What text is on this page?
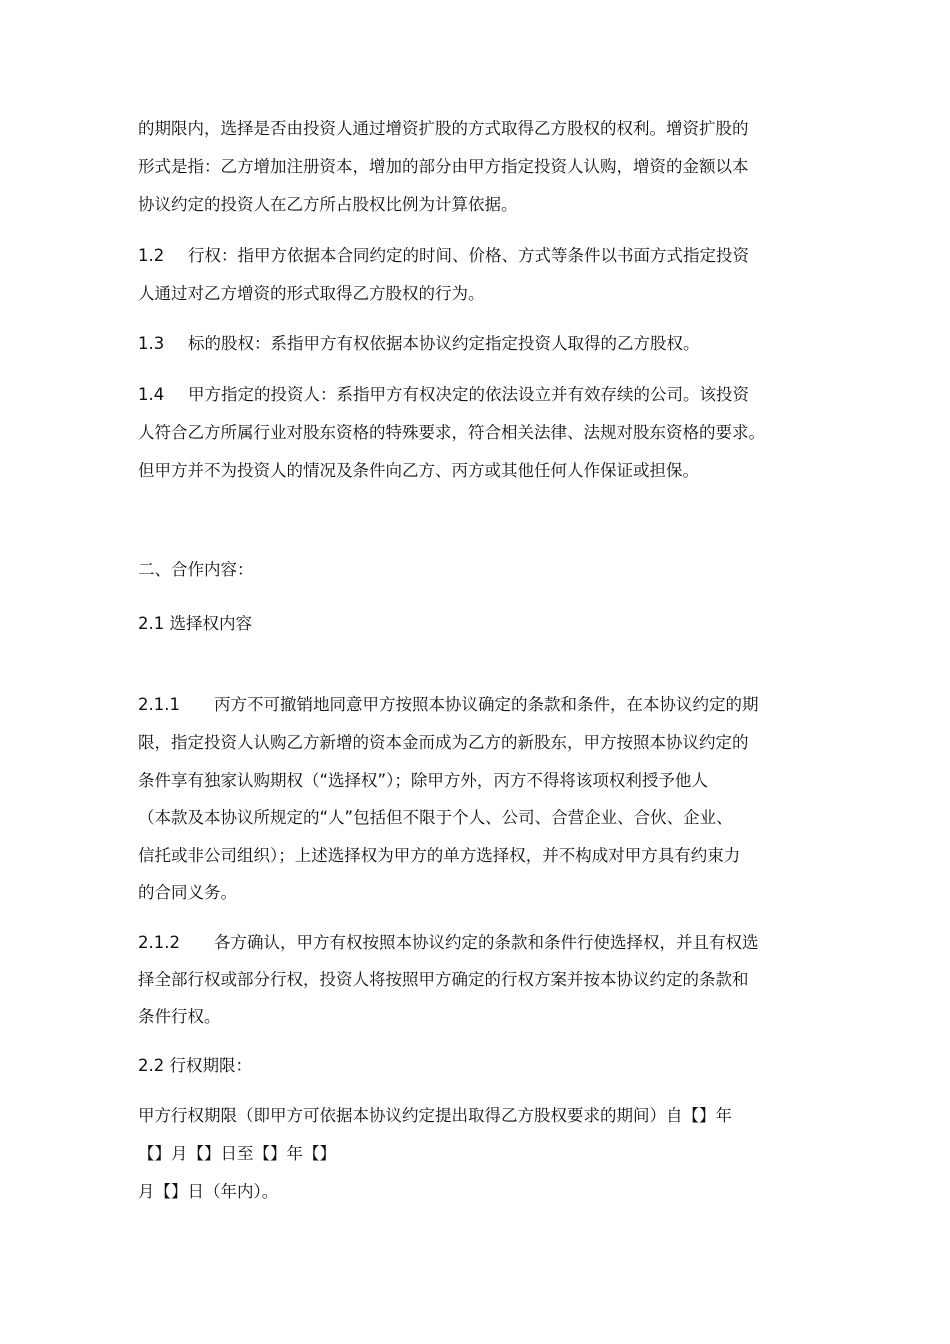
的期限内，选择是否由投资人通过增资扩股的方式取得乙方股权的权利。增资扩股的
形式是指：乙方增加注册资本，增加的部分由甲方指定投资人认购，增资的金额以本
协议约定的投资人在乙方所占股权比例为计算依据。
1.2 行权：指甲方依据本合同约定的时间、价格、方式等条件以书面方式指定投资
人通过对乙方增资的形式取得乙方股权的行为。
1.3 标的股权：系指甲方有权依据本协议约定指定投资人取得的乙方股权。
1.4 甲方指定的投资人：系指甲方有权决定的依法设立并有效存续的公司。该投资
人符合乙方所属行业对股东资格的特殊要求，符合相关法律、法规对股东资格的要求。
但甲方并不为投资人的情况及条件向乙方、丙方或其他任何人作保证或担保。
二、合作内容：
2.1 选择权内容
2.1.1 丙方不可撤销地同意甲方按照本协议确定的条款和条件，在本协议约定的期
限，指定投资人认购乙方新增的资本金而成为乙方的新股东，甲方按照本协议约定的
条件享有独家认购期权（“选择权”）；除甲方外，丙方不得将该项权利授予他人
（本款及本协议所规定的“人”包括但不限于个人、公司、合营企业、合伙、企业、
信托或非公司组织）；上述选择权为甲方的单方选择权，并不构成对甲方具有约束力
的合同义务。
2.1.2 各方确认，甲方有权按照本协议约定的条款和条件行使选择权，并且有权选
择全部行权或部分行权，投资人将按照甲方确定的行权方案并按本协议约定的条款和
条件行权。
2.2 行权期限：
甲方行权期限（即甲方可依据本协议约定提出取得乙方股权要求的期间）自【】年
【】月【】日至【】年【】
月【】日（年内）。
